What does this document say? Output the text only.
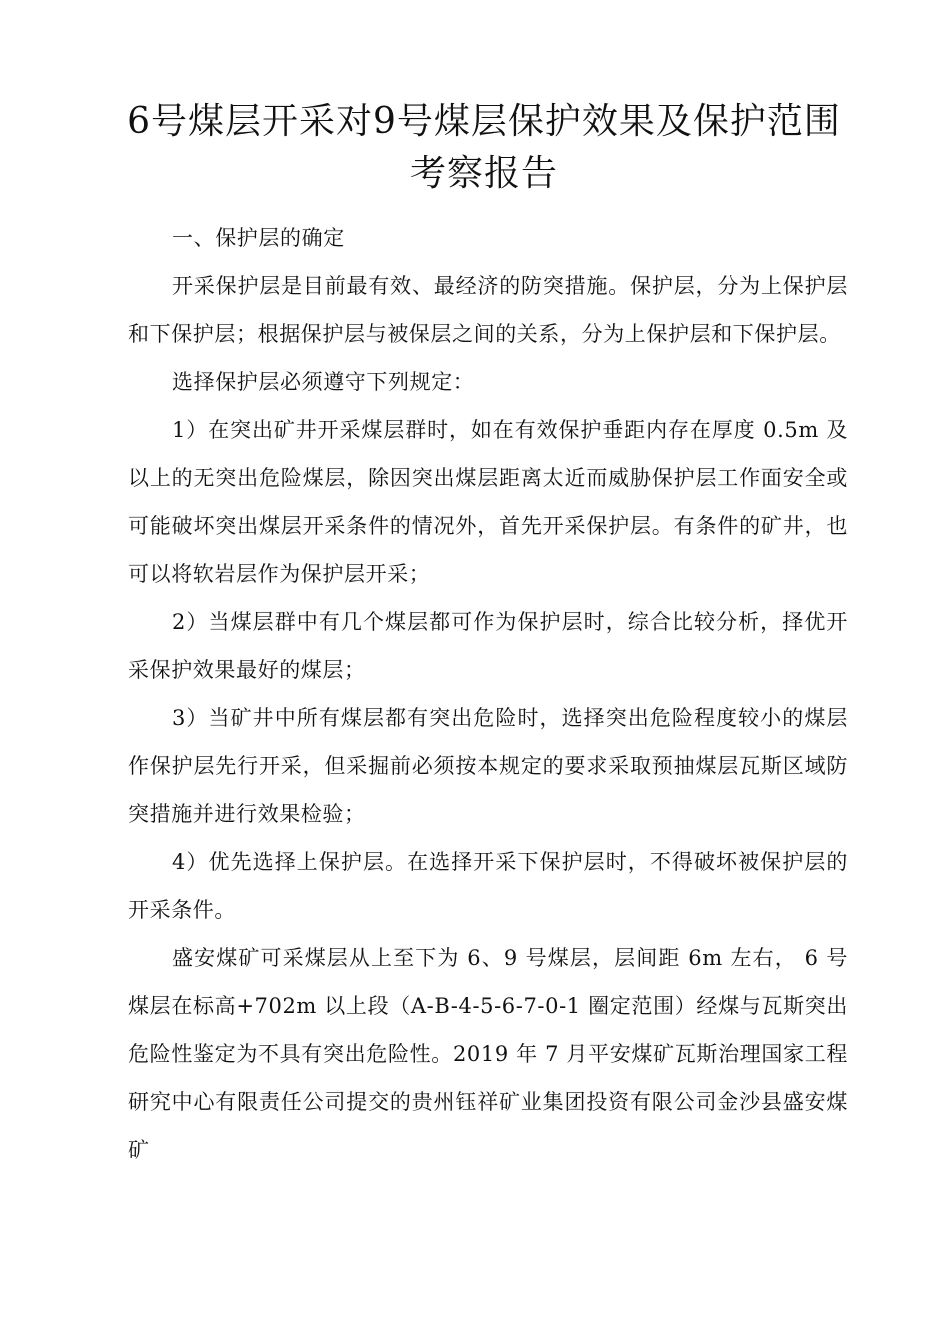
6号煤层开采对9号煤层保护效果及保护范围考察报告

一、保护层的确定

开采保护层是目前最有效、最经济的防突措施。保护层，分为上保护层和下保护层；根据保护层与被保层之间的关系，分为上保护层和下保护层。

选择保护层必须遵守下列规定：

1）在突出矿井开采煤层群时，如在有效保护垂距内存在厚度 0.5m 及以上的无突出危险煤层，除因突出煤层距离太近而威胁保护层工作面安全或可能破坏突出煤层开采条件的情况外，首先开采保护层。有条件的矿井，也可以将软岩层作为保护层开采；

2）当煤层群中有几个煤层都可作为保护层时，综合比较分析，择优开采保护效果最好的煤层；

3）当矿井中所有煤层都有突出危险时，选择突出危险程度较小的煤层作保护层先行开采，但采掘前必须按本规定的要求采取预抽煤层瓦斯区域防突措施并进行效果检验；

4）优先选择上保护层。在选择开采下保护层时，不得破坏被保护层的开采条件。

盛安煤矿可采煤层从上至下为 6、9 号煤层，层间距 6m 左右， 6 号煤层在标高+702m 以上段（A-B-4-5-6-7-0-1 圈定范围）经煤与瓦斯突出危险性鉴定为不具有突出危险性。2019 年 7 月平安煤矿瓦斯治理国家工程研究中心有限责任公司提交的贵州钰祥矿业集团投资有限公司金沙县盛安煤矿
